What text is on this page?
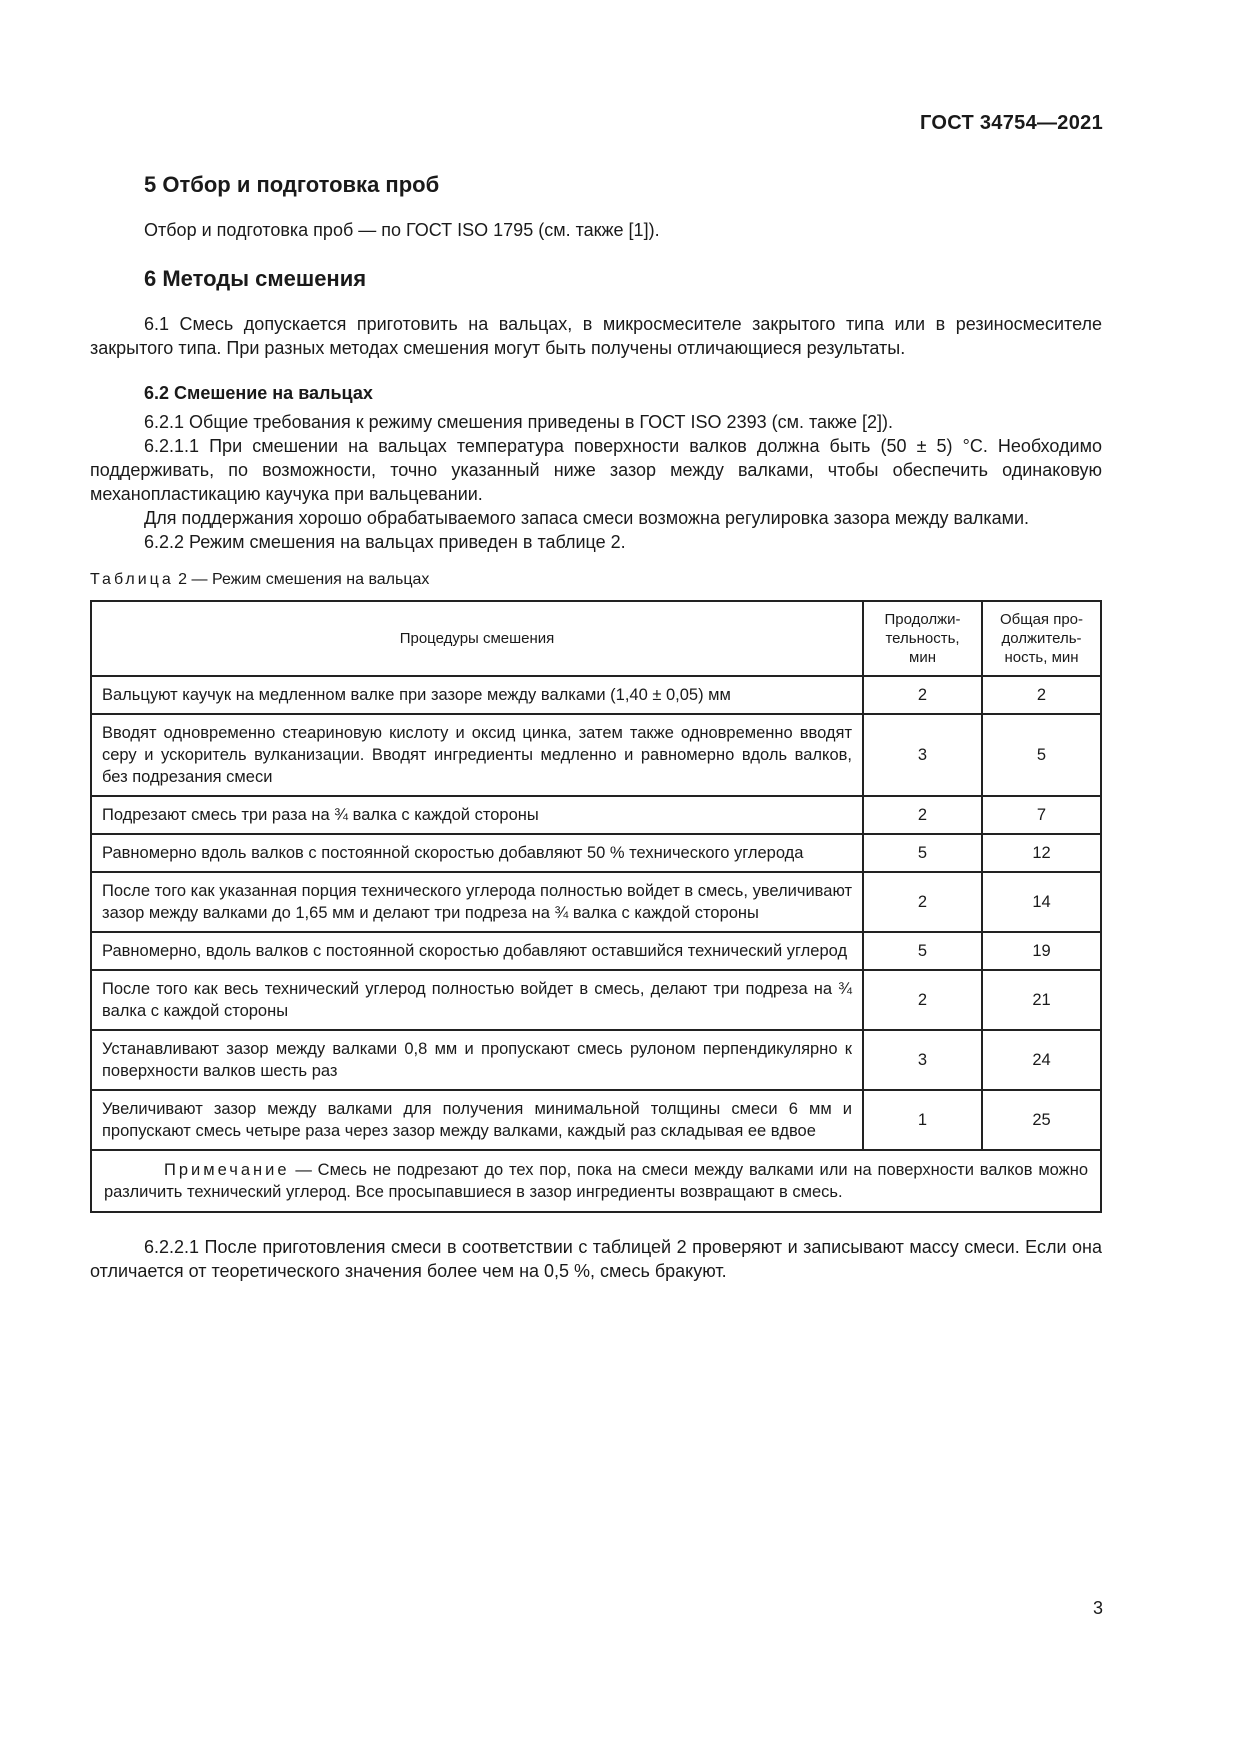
ГОСТ 34754—2021
5 Отбор и подготовка проб

Отбор и подготовка проб — по ГОСТ ISO 1795 (см. также [1]).

6 Методы смешения

6.1 Смесь допускается приготовить на вальцах, в микросмесителе закрытого типа или в резиносмесителе закрытого типа. При разных методах смешения могут быть получены отличающиеся результаты.

6.2 Смешение на вальцах

6.2.1 Общие требования к режиму смешения приведены в ГОСТ ISO 2393 (см. также [2]).

6.2.1.1 При смешении на вальцах температура поверхности валков должна быть (50 ± 5) °С. Необходимо поддерживать, по возможности, точно указанный ниже зазор между валками, чтобы обеспечить одинаковую механопластикацию каучука при вальцевании.

Для поддержания хорошо обрабатываемого запаса смеси возможна регулировка зазора между валками.

6.2.2 Режим смешения на вальцах приведен в таблице 2.

Таблица 2 — Режим смешения на вальцах

Процедуры смешения	Продолжи-тельность, мин	Общая про-должитель-ность, мин
Вальцуют каучук на медленном валке при зазоре между валками (1,40 ± 0,05) мм	2	2
Вводят одновременно стеариновую кислоту и оксид цинка, затем также одновременно вводят серу и ускоритель вулканизации. Вводят ингредиенты медленно и равномерно вдоль валков, без подрезания смеси	3	5
Подрезают смесь три раза на ¾ валка с каждой стороны	2	7
Равномерно вдоль валков с постоянной скоростью добавляют 50 % технического углерода	5	12
После того как указанная порция технического углерода полностью войдет в смесь, увеличивают зазор между валками до 1,65 мм и делают три подреза на ¾ валка с каждой стороны	2	14
Равномерно, вдоль валков с постоянной скоростью добавляют оставшийся технический углерод	5	19
После того как весь технический углерод полностью войдет в смесь, делают три подреза на ¾ валка с каждой стороны	2	21
Устанавливают зазор между валками 0,8 мм и пропускают смесь рулоном перпендикулярно к поверхности валков шесть раз	3	24
Увеличивают зазор между валками для получения минимальной толщины смеси 6 мм и пропускают смесь четыре раза через зазор между валками, каждый раз складывая ее вдвое	1	25

Примечание — Смесь не подрезают до тех пор, пока на смеси между валками или на поверхности валков можно различить технический углерод. Все просыпавшиеся в зазор ингредиенты возвращают в смесь.		

6.2.2.1 После приготовления смеси в соответствии с таблицей 2 проверяют и записывают массу смеси. Если она отличается от теоретического значения более чем на 0,5 %, смесь бракуют.

3
